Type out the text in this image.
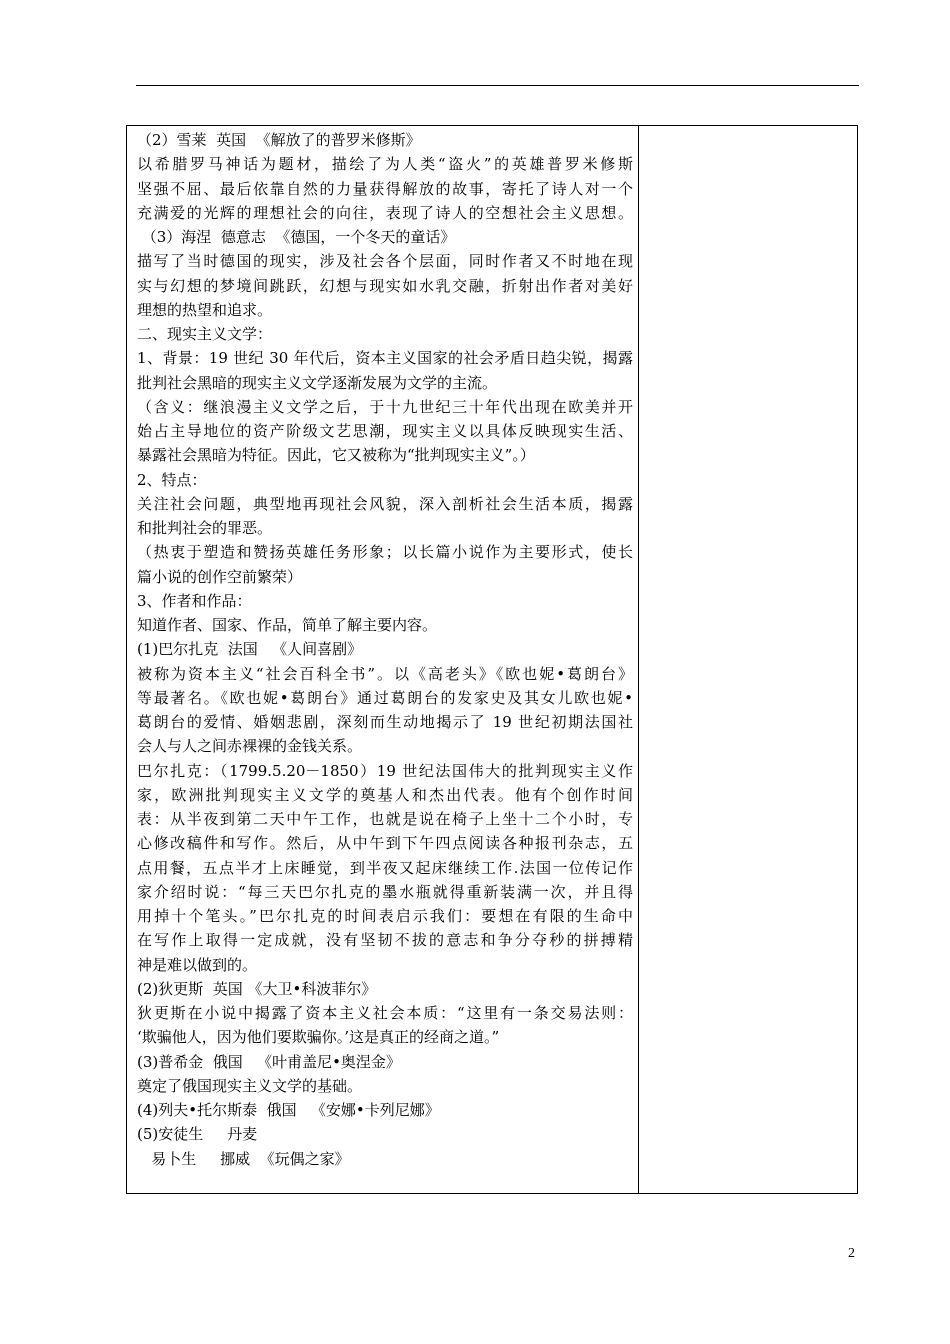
（2）雪莱  英国  《解放了的普罗米修斯》
以希腊罗马神话为题材，描绘了为人类“盗火”的英雄普罗米修斯
坚强不屈、最后依靠自然的力量获得解放的故事，寄托了诗人对一个
充满爱的光辉的理想社会的向往，表现了诗人的空想社会主义思想。
（3）海涅  德意志  《德国，一个冬天的童话》
描写了当时德国的现实，涉及社会各个层面，同时作者又不时地在现
实与幻想的梦境间跳跃，幻想与现实如水乳交融，折射出作者对美好
理想的热望和追求。
二、现实主义文学：
1、背景：19 世纪 30 年代后，资本主义国家的社会矛盾日趋尖锐，揭露
批判社会黑暗的现实主义文学逐渐发展为文学的主流。
（含义：继浪漫主义文学之后，于十九世纪三十年代出现在欧美并开
始占主导地位的资产阶级文艺思潮，现实主义以具体反映现实生活、
暴露社会黑暗为特征。因此，它又被称为“批判现实主义”。）
2、特点：
关注社会问题，典型地再现社会风貌，深入剖析社会生活本质，揭露
和批判社会的罪恶。
（热衷于塑造和赞扬英雄任务形象；以长篇小说作为主要形式，使长
篇小说的创作空前繁荣）
3、作者和作品：
知道作者、国家、作品，简单了解主要内容。
(1)巴尔扎克  法国   《人间喜剧》
被称为资本主义“社会百科全书”。以《高老头》《欧也妮•葛朗台》
等最著名。《欧也妮•葛朗台》通过葛朗台的发家史及其女儿欧也妮•
葛朗台的爱情、婚姻悲剧，深刻而生动地揭示了 19 世纪初期法国社
会人与人之间赤裸裸的金钱关系。
巴尔扎克：（1799.5.20－1850）19 世纪法国伟大的批判现实主义作
家，欧洲批判现实主义文学的奠基人和杰出代表。他有个创作时间
表：从半夜到第二天中午工作，也就是说在椅子上坐十二个小时，专
心修改稿件和写作。然后，从中午到下午四点阅读各种报刊杂志，五
点用餐，五点半才上床睡觉，到半夜又起床继续工作.法国一位传记作
家介绍时说：“每三天巴尔扎克的墨水瓶就得重新装满一次，并且得
用掉十个笔头。”巴尔扎克的时间表启示我们：要想在有限的生命中
在写作上取得一定成就，没有坚韧不拔的意志和争分夺秒的拼搏精
神是难以做到的。
(2)狄更斯  英国 《大卫•科波菲尔》
狄更斯在小说中揭露了资本主义社会本质：“这里有一条交易法则：
‘欺骗他人，因为他们要欺骗你。’这是真正的经商之道。”
(3)普希金  俄国   《叶甫盖尼•奥涅金》
奠定了俄国现实主义文学的基础。
(4)列夫•托尔斯泰  俄国   《安娜•卡列尼娜》
(5)安徒生     丹麦
易卜生     挪威  《玩偶之家》
2
